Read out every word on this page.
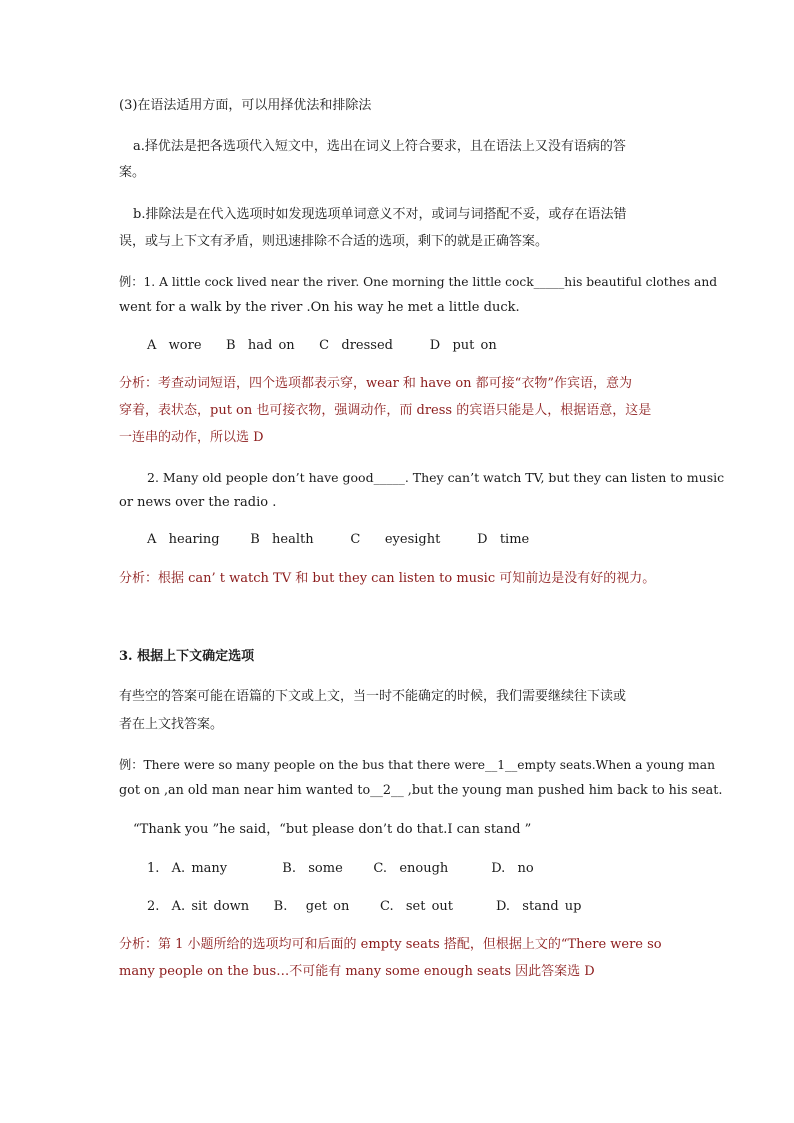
(3)在语法适用方面，可以用择优法和排除法
a.择优法是把各选项代入短文中，选出在词义上符合要求，且在语法上又没有语病的答
案。
b.排除法是在代入选项时如发现选项单词意义不对，或词与词搭配不妥，或存在语法错
误，或与上下文有矛盾，则迅速排除不合适的选项，剩下的就是正确答案。
例：1. A little cock lived near the river. One morning the little cock_____his beautiful clothes and
went for a walk by the river .On his way he met a little duck.
A  wore    B  had on    C  dressed      D  put on
分析：考查动词短语，四个选项都表示穿，wear 和 have on 都可接“衣物”作宾语，意为
穿着，表状态，put on 也可接衣物，强调动作，而 dress 的宾语只能是人，根据语意，这是
一连串的动作，所以选 D
2. Many old people don’t have good_____. They can’t watch TV, but they can listen to music
or news over the radio .
A  hearing     B  health      C    eyesight      D  time
分析：根据 can’ t watch TV 和 but they can listen to music 可知前边是没有好的视力。
3. 根据上下文确定选项
有些空的答案可能在语篇的下文或上文，当一时不能确定的时候，我们需要继续往下读或
者在上文找答案。
例：There were so many people on the bus that there were__1__empty seats.When a young man
got on ,an old man near him wanted to__2__ ,but the young man pushed him back to his seat.
“Thank you ”he said，“but please don’t do that.I can stand ”
1.  A. many         B.  some     C.  enough       D.  no
2.  A. sit down    B.   get on     C.  set out       D.  stand up
分析：第 1 小题所给的选项均可和后面的 empty seats 搭配，但根据上文的“There were so
many people on the bus…不可能有 many some enough seats 因此答案选 D
